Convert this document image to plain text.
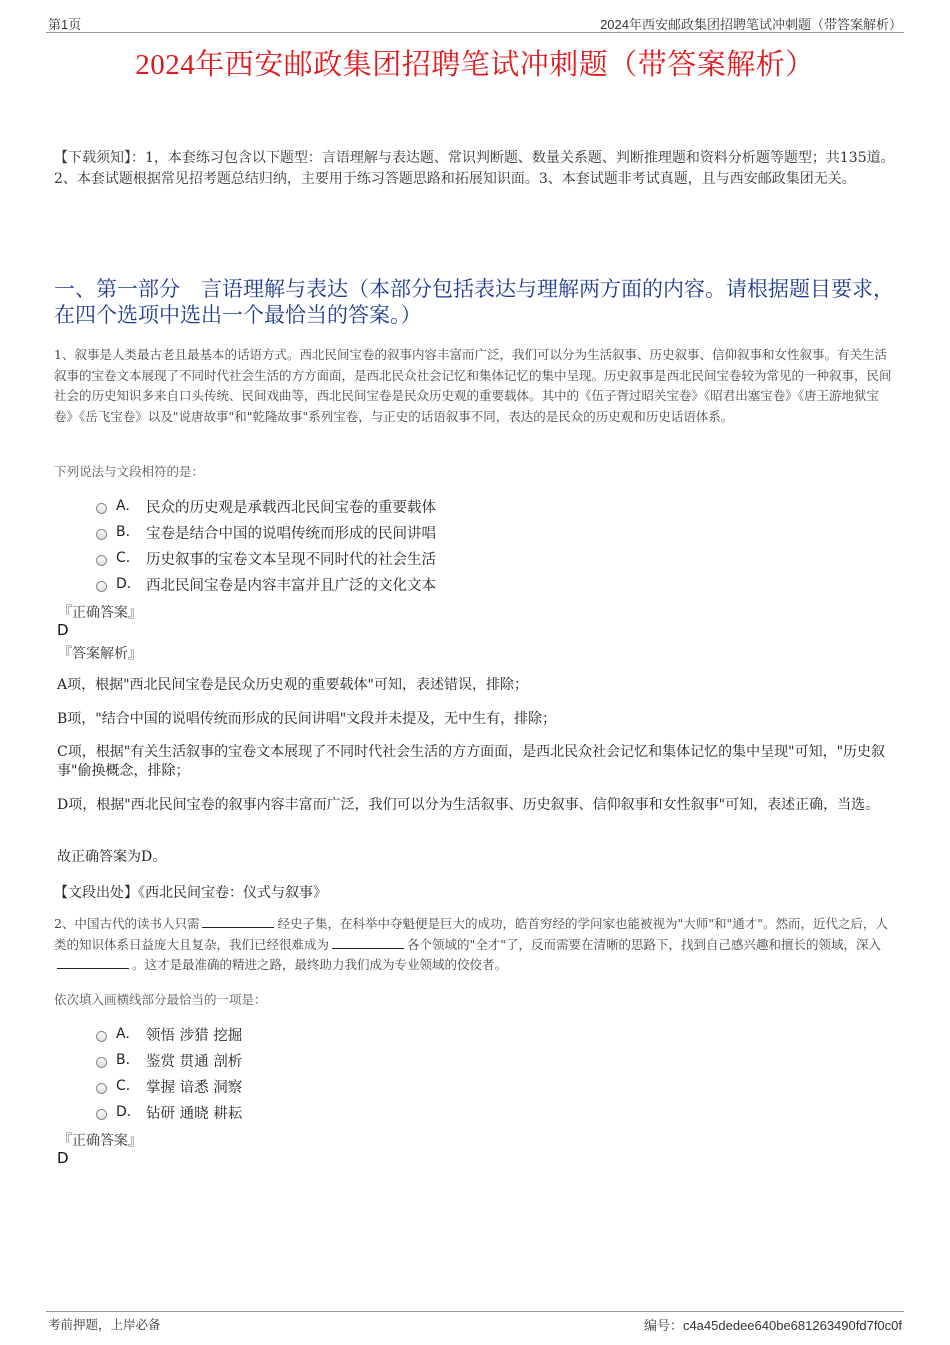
第1页	2024年西安邮政集团招聘笔试冲刺题（带答案解析）
2024年西安邮政集团招聘笔试冲刺题（带答案解析）
【下载须知】：1，本套练习包含以下题型：言语理解与表达题、常识判断题、数量关系题、判断推理题和资料分析题等题型；共135道。2、本套试题根据常见招考题总结归纳，主要用于练习答题思路和拓展知识面。3、本套试题非考试真题，且与西安邮政集团无关。
一、第一部分　言语理解与表达（本部分包括表达与理解两方面的内容。请根据题目要求，在四个选项中选出一个最恰当的答案。）
1、叙事是人类最古老且最基本的话语方式。西北民间宝卷的叙事内容丰富而广泛，我们可以分为生活叙事、历史叙事、信仰叙事和女性叙事。有关生活叙事的宝卷文本展现了不同时代社会生活的方方面面，是西北民众社会记忆和集体记忆的集中呈现。历史叙事是西北民间宝卷较为常见的一种叙事，民间社会的历史知识多来自口头传统、民间戏曲等，西北民间宝卷是民众历史观的重要载体。其中的《伍子胥过昭关宝卷》《昭君出塞宝卷》《唐王游地狱宝卷》《岳飞宝卷》以及"说唐故事"和"乾隆故事"系列宝卷，与正史的话语叙事不同，表达的是民众的历史观和历史话语体系。
下列说法与文段相符的是：
A.	民众的历史观是承载西北民间宝卷的重要载体
B.	宝卷是结合中国的说唱传统而形成的民间讲唱
C.	历史叙事的宝卷文本呈现不同时代的社会生活
D.	西北民间宝卷是内容丰富并且广泛的文化文本
『正确答案』
D
『答案解析』
A项，根据"西北民间宝卷是民众历史观的重要载体"可知，表述错误，排除；
B项，"结合中国的说唱传统而形成的民间讲唱"文段并未提及，无中生有，排除；
C项，根据"有关生活叙事的宝卷文本展现了不同时代社会生活的方方面面，是西北民众社会记忆和集体记忆的集中呈现"可知，"历史叙事"偷换概念，排除；
D项，根据"西北民间宝卷的叙事内容丰富而广泛，我们可以分为生活叙事、历史叙事、信仰叙事和女性叙事"可知，表述正确，当选。
故正确答案为D。
【文段出处】《西北民间宝卷：仪式与叙事》
2、中国古代的读书人只需	经史子集，在科举中夺魁便是巨大的成功，皓首穷经的学问家也能被视为"大师"和"通才"。然而，近代之后，人类的知识体系日益庞大且复杂，我们已经很难成为	各个领域的"全才"了，反而需要在清晰的思路下，找到自己感兴趣和擅长的领域，深入。这才是最准确的精进之路，最终助力我们成为专业领域的佼佼者。
依次填入画横线部分最恰当的一项是：
A.	领悟 涉猎 挖掘
B.	鉴赏 贯通 剖析
C.	掌握 谙悉 洞察
D.	钻研 通晓 耕耘
『正确答案』
D
考前押题，上岸必备	编号：c4a45dedee640be681263490fd7f0c0f
